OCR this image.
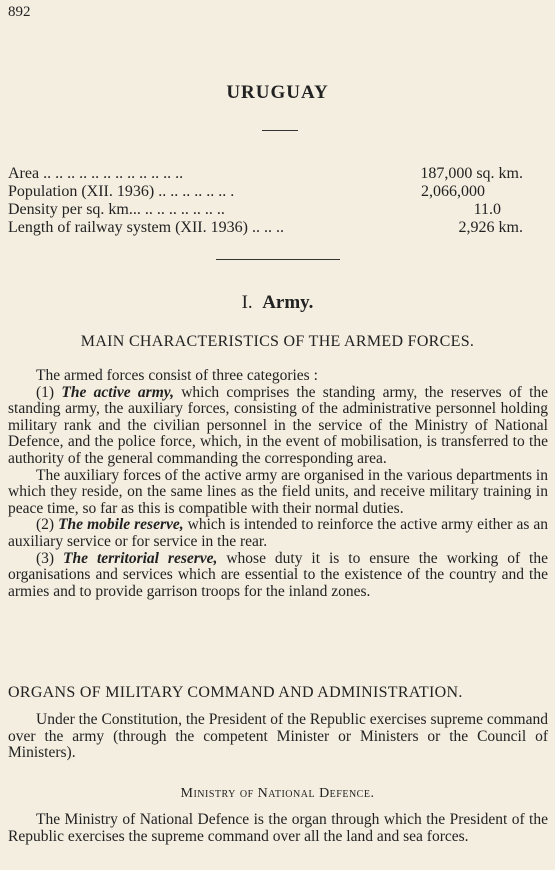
892
URUGUAY
Area .. .. .. .. .. .. .. .. .. .. .. ..	187,000 sq. km.
Population (XII. 1936) .. .. .. .. .. .. .	2,066,000
Density per sq. km... .. .. .. .. .. .. ..	11.0
Length of railway system (XII. 1936) .. .. ..	2,926 km.
I. Army.
MAIN CHARACTERISTICS OF THE ARMED FORCES.

The armed forces consist of three categories :

(1) The active army, which comprises the standing army, the reserves of the standing army, the auxiliary forces, consisting of the administrative personnel holding military rank and the civilian personnel in the service of the Ministry of National Defence, and the police force, which, in the event of mobilisation, is transferred to the authority of the general commanding the corresponding area.

The auxiliary forces of the active army are organised in the various departments in which they reside, on the same lines as the field units, and receive military training in peace time, so far as this is compatible with their normal duties.

(2) The mobile reserve, which is intended to reinforce the active army either as an auxiliary service or for service in the rear.

(3) The territorial reserve, whose duty it is to ensure the working of the organisations and services which are essential to the existence of the country and the armies and to provide garrison troops for the inland zones.

ORGANS OF MILITARY COMMAND AND ADMINISTRATION.

Under the Constitution, the President of the Republic exercises supreme command over the army (through the competent Minister or Ministers or the Council of Ministers).

Ministry of National Defence.

The Ministry of National Defence is the organ through which the President of the Republic exercises the supreme command over all the land and sea forces.
